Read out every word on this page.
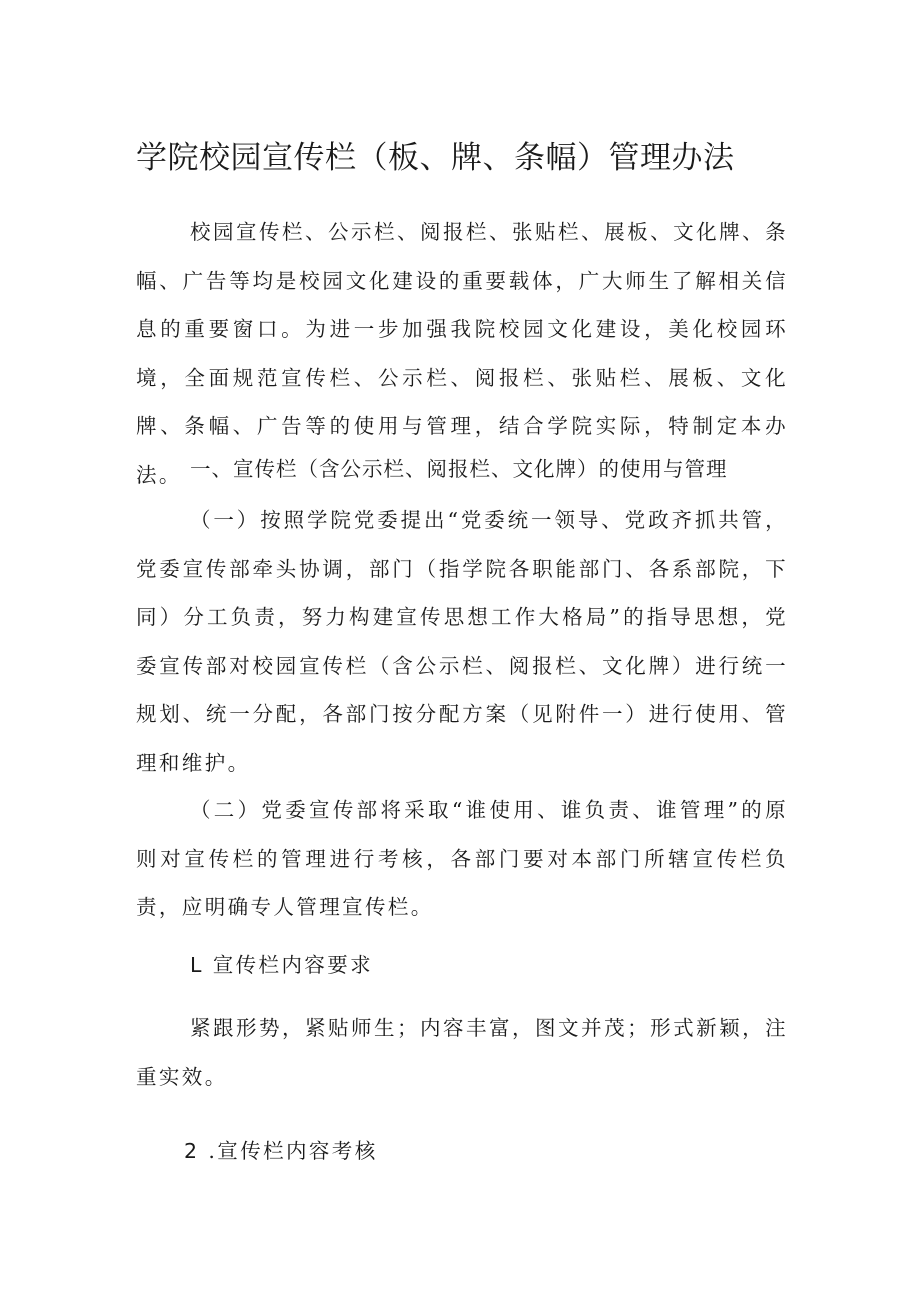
学院校园宣传栏（板、牌、条幅）管理办法

校园宣传栏、公示栏、阅报栏、张贴栏、展板、文化牌、条幅、广告等均是校园文化建设的重要载体，广大师生了解相关信息的重要窗口。为进一步加强我院校园文化建设，美化校园环境，全面规范宣传栏、公示栏、阅报栏、张贴栏、展板、文化牌、条幅、广告等的使用与管理，结合学院实际，特制定本办法。 一、宣传栏（含公示栏、阅报栏、文化牌）的使用与管理

（一）按照学院党委提出“党委统一领导、党政齐抓共管，党委宣传部牵头协调，部门（指学院各职能部门、各系部院，下同）分工负责，努力构建宣传思想工作大格局”的指导思想，党委宣传部对校园宣传栏（含公示栏、阅报栏、文化牌）进行统一规划、统一分配，各部门按分配方案（见附件一）进行使用、管理和维护。

（二）党委宣传部将采取“谁使用、谁负责、谁管理”的原则对宣传栏的管理进行考核，各部门要对本部门所辖宣传栏负责，应明确专人管理宣传栏。

L 宣传栏内容要求

紧跟形势，紧贴师生；内容丰富，图文并茂；形式新颖，注重实效。

2 .宣传栏内容考核
